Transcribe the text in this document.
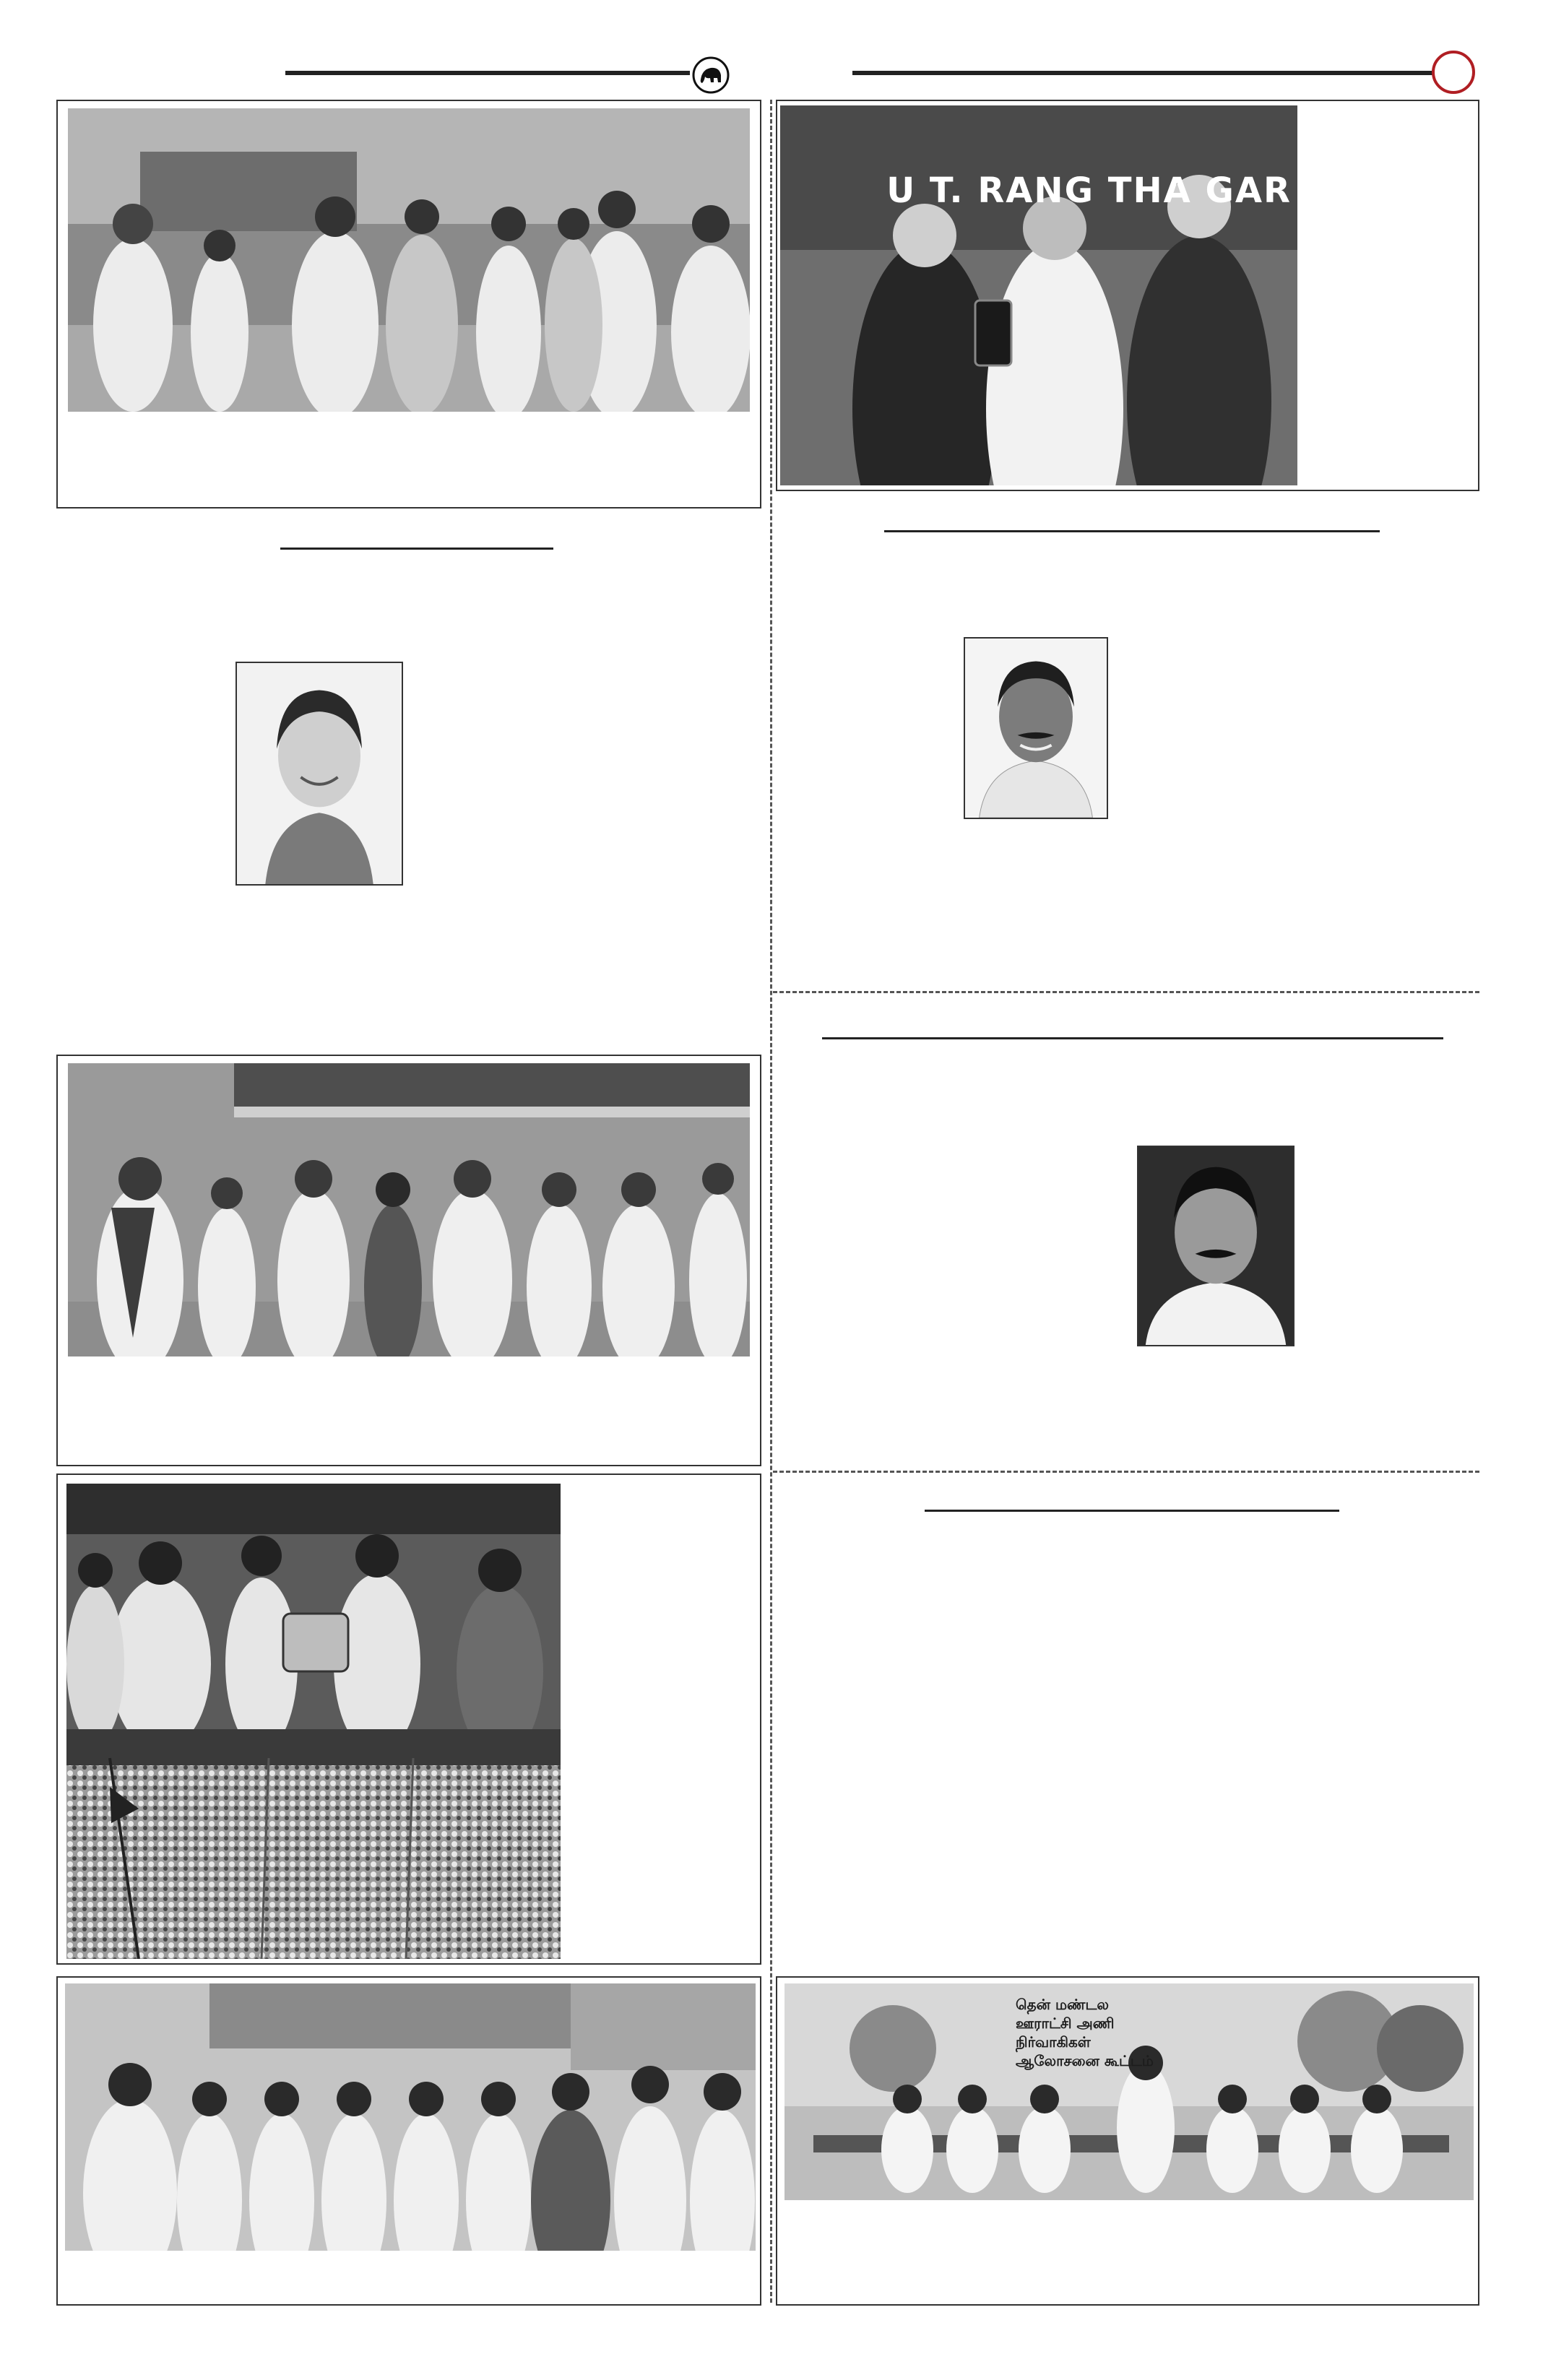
U T. RANG THA GAR
தென் மண்டல ஊராட்சி அணி நிர்வாகிகள் ஆலோசனை கூட்டம்
